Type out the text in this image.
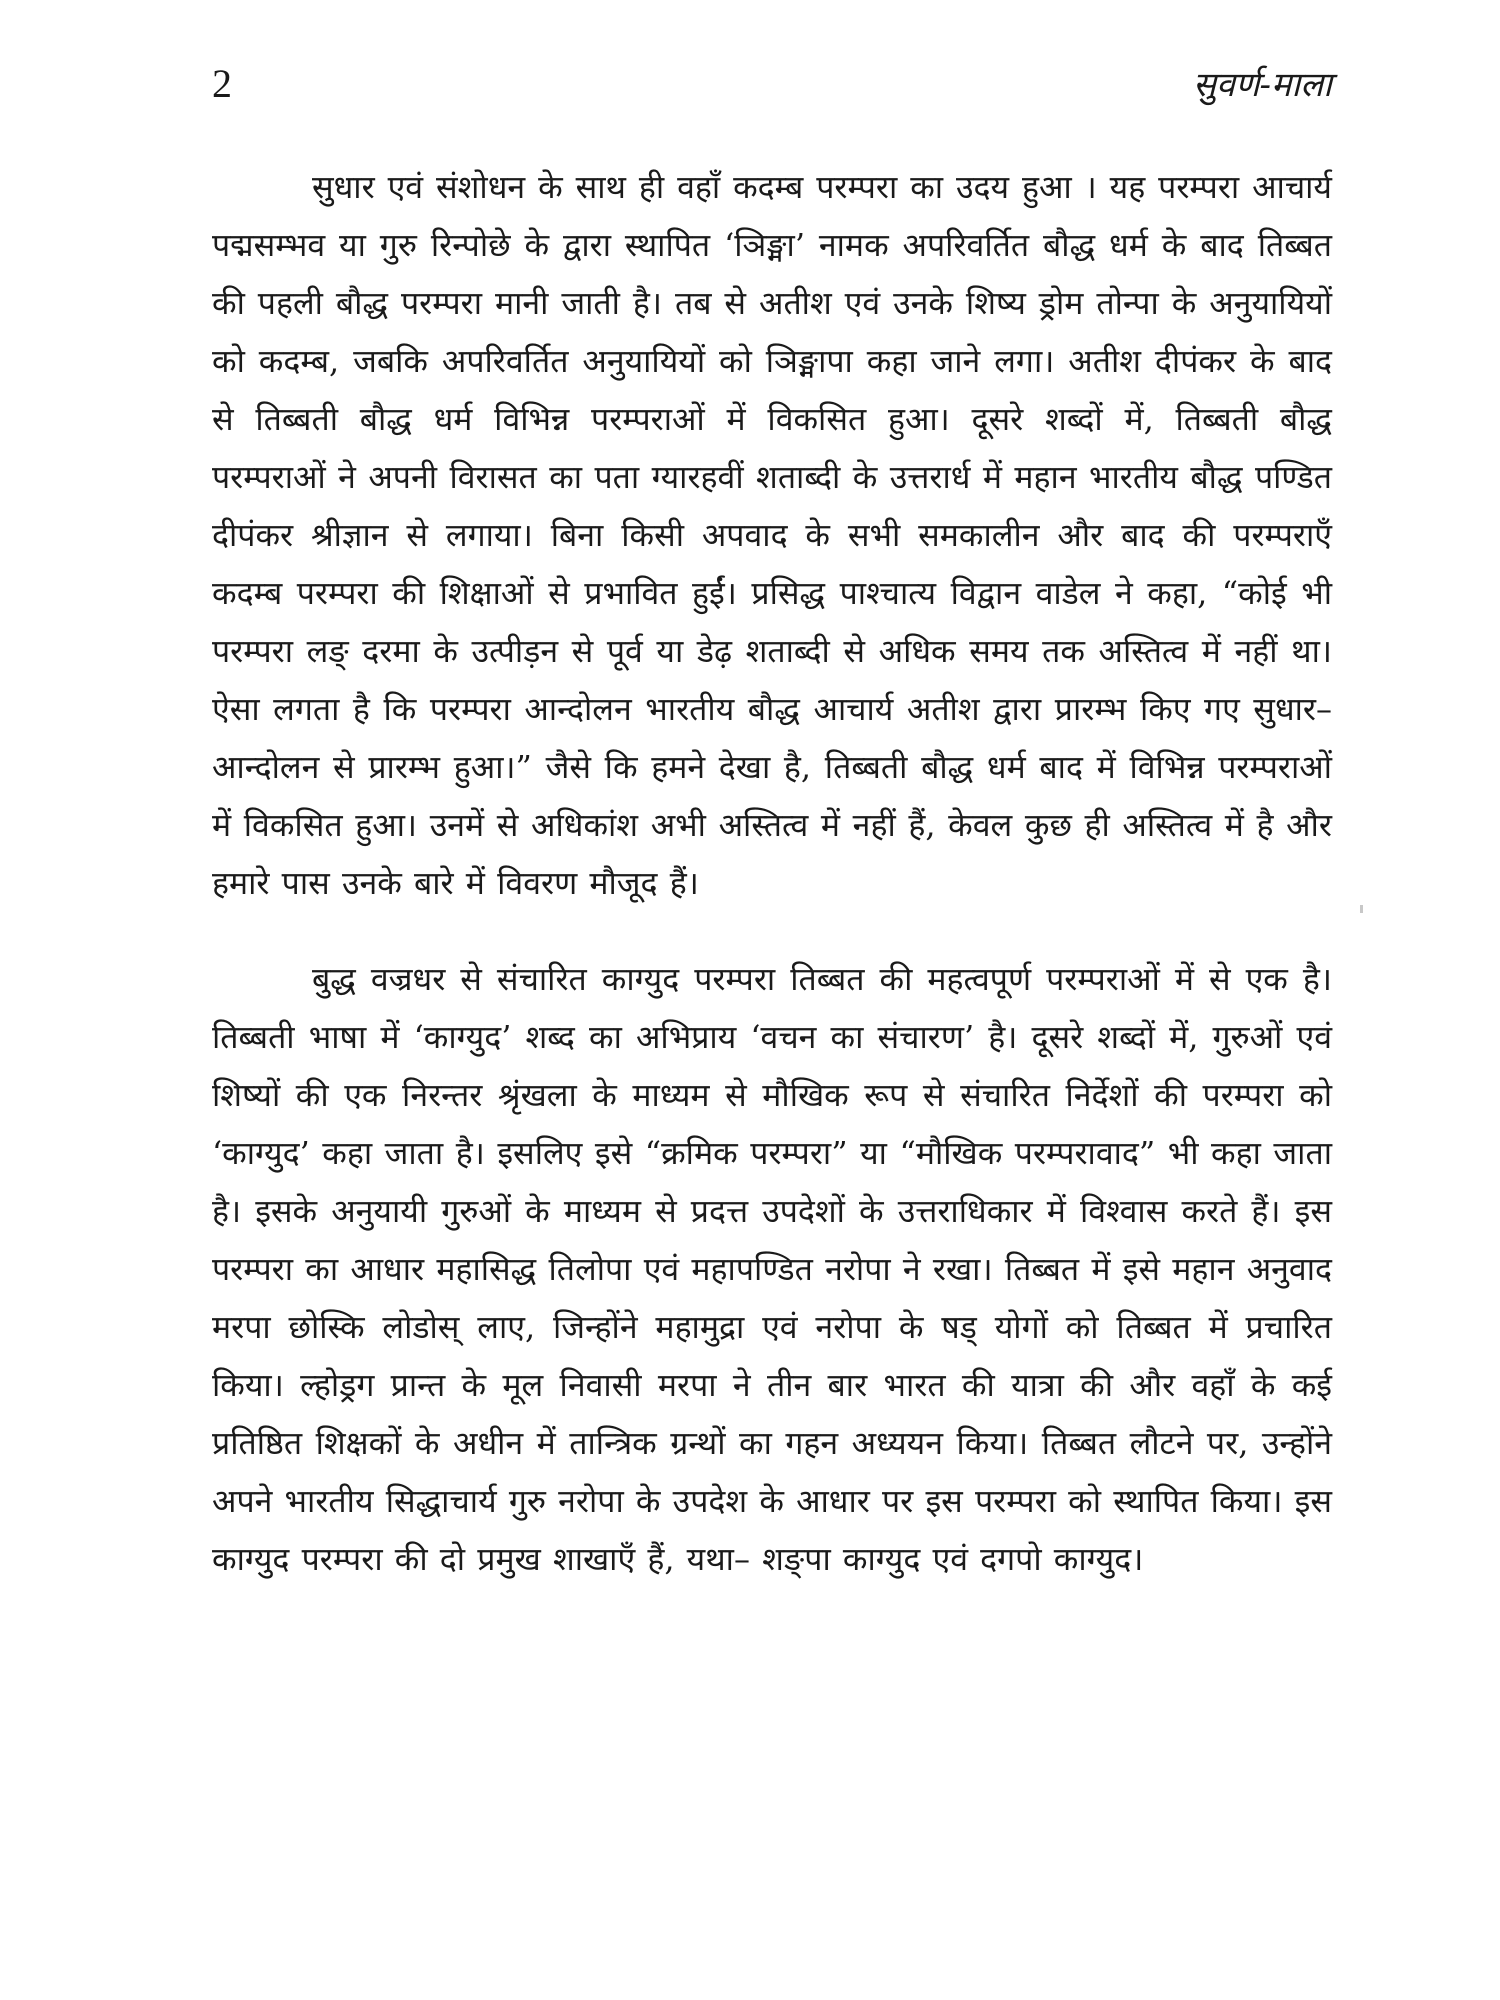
2	सुवर्ण-माला

सुधार एवं संशोधन के साथ ही वहाँ कदम्ब परम्परा का उदय हुआ । यह परम्परा आचार्य पद्मसम्भव या गुरु रिन्पोछे के द्वारा स्थापित ‘ञिङ्मा’ नामक अपरिवर्तित बौद्ध धर्म के बाद तिब्बत की पहली बौद्ध परम्परा मानी जाती है। तब से अतीश एवं उनके शिष्य ड्रोम तोन्पा के अनुयायियों को कदम्ब, जबकि अपरिवर्तित अनुयायियों को ञिङ्मापा कहा जाने लगा। अतीश दीपंकर के बाद से तिब्बती बौद्ध धर्म विभिन्न परम्पराओं में विकसित हुआ। दूसरे शब्दों में, तिब्बती बौद्ध परम्पराओं ने अपनी विरासत का पता ग्यारहवीं शताब्दी के उत्तरार्ध में महान भारतीय बौद्ध पण्डित दीपंकर श्रीज्ञान से लगाया। बिना किसी अपवाद के सभी समकालीन और बाद की परम्पराएँ कदम्ब परम्परा की शिक्षाओं से प्रभावित हुईं। प्रसिद्ध पाश्चात्य विद्वान वाडेल ने कहा, “कोई भी परम्परा लङ् दरमा के उत्पीड़न से पूर्व या डेढ़ शताब्दी से अधिक समय तक अस्तित्व में नहीं था। ऐसा लगता है कि परम्परा आन्दोलन भारतीय बौद्ध आचार्य अतीश द्वारा प्रारम्भ किए गए सुधार–आन्दोलन से प्रारम्भ हुआ।” जैसे कि हमने देखा है, तिब्बती बौद्ध धर्म बाद में विभिन्न परम्पराओं में विकसित हुआ। उनमें से अधिकांश अभी अस्तित्व में नहीं हैं, केवल कुछ ही अस्तित्व में है और हमारे पास उनके बारे में विवरण मौजूद हैं।

बुद्ध वज्रधर से संचारित काग्युद परम्परा तिब्बत की महत्वपूर्ण परम्पराओं में से एक है। तिब्बती भाषा में ‘काग्युद’ शब्द का अभिप्राय ‘वचन का संचारण’ है। दूसरे शब्दों में, गुरुओं एवं शिष्यों की एक निरन्तर श्रृंखला के माध्यम से मौखिक रूप से संचारित निर्देशों की परम्परा को ‘काग्युद’ कहा जाता है। इसलिए इसे “क्रमिक परम्परा” या “मौखिक परम्परावाद” भी कहा जाता है। इसके अनुयायी गुरुओं के माध्यम से प्रदत्त उपदेशों के उत्तराधिकार में विश्वास करते हैं। इस परम्परा का आधार महासिद्ध तिलोपा एवं महापण्डित नरोपा ने रखा। तिब्बत में इसे महान अनुवाद मरपा छोस्कि लोडोस् लाए, जिन्होंने महामुद्रा एवं नरोपा के षड् योगों को तिब्बत में प्रचारित किया। ल्होड्रग प्रान्त के मूल निवासी मरपा ने तीन बार भारत की यात्रा की और वहाँ के कई प्रतिष्ठित शिक्षकों के अधीन में तान्त्रिक ग्रन्थों का गहन अध्ययन किया। तिब्बत लौटने पर, उन्होंने अपने भारतीय सिद्धाचार्य गुरु नरोपा के उपदेश के आधार पर इस परम्परा को स्थापित किया। इस काग्युद परम्परा की दो प्रमुख शाखाएँ हैं, यथा– शङ्पा काग्युद एवं दगपो काग्युद।
